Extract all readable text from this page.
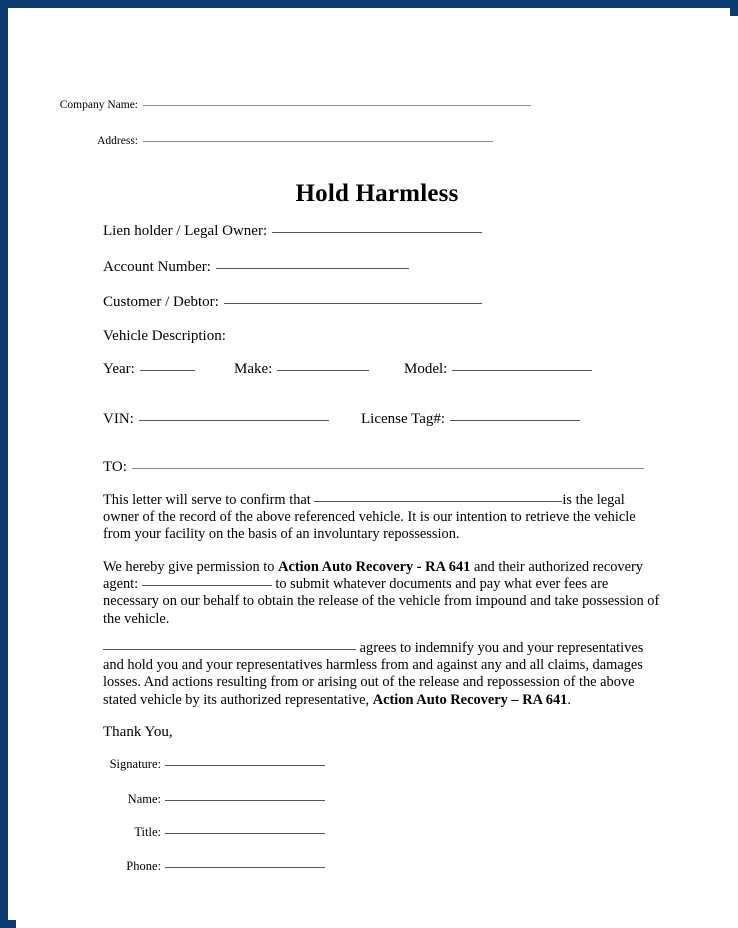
Company Name:
Address:
Hold Harmless
Lien holder / Legal Owner:
Account Number:
Customer / Debtor:
Vehicle Description:
Year:	Make:	Model:
VIN:	License Tag#:
TO:
This letter will serve to confirm that	is the legal owner of the record of the above referenced vehicle. It is our intention to retrieve the vehicle from your facility on the basis of an involuntary repossession.
We hereby give permission to Action Auto Recovery - RA 641 and their authorized recovery agent:	to submit whatever documents and pay what ever fees are necessary on our behalf to obtain the release of the vehicle from impound and take possession of the vehicle.
agrees to indemnify you and your representatives and hold you and your representatives harmless from and against any and all claims, damages losses. And actions resulting from or arising out of the release and repossession of the above stated vehicle by its authorized representative, Action Auto Recovery – RA 641.
Thank You,
Signature:
Name:
Title:
Phone:
